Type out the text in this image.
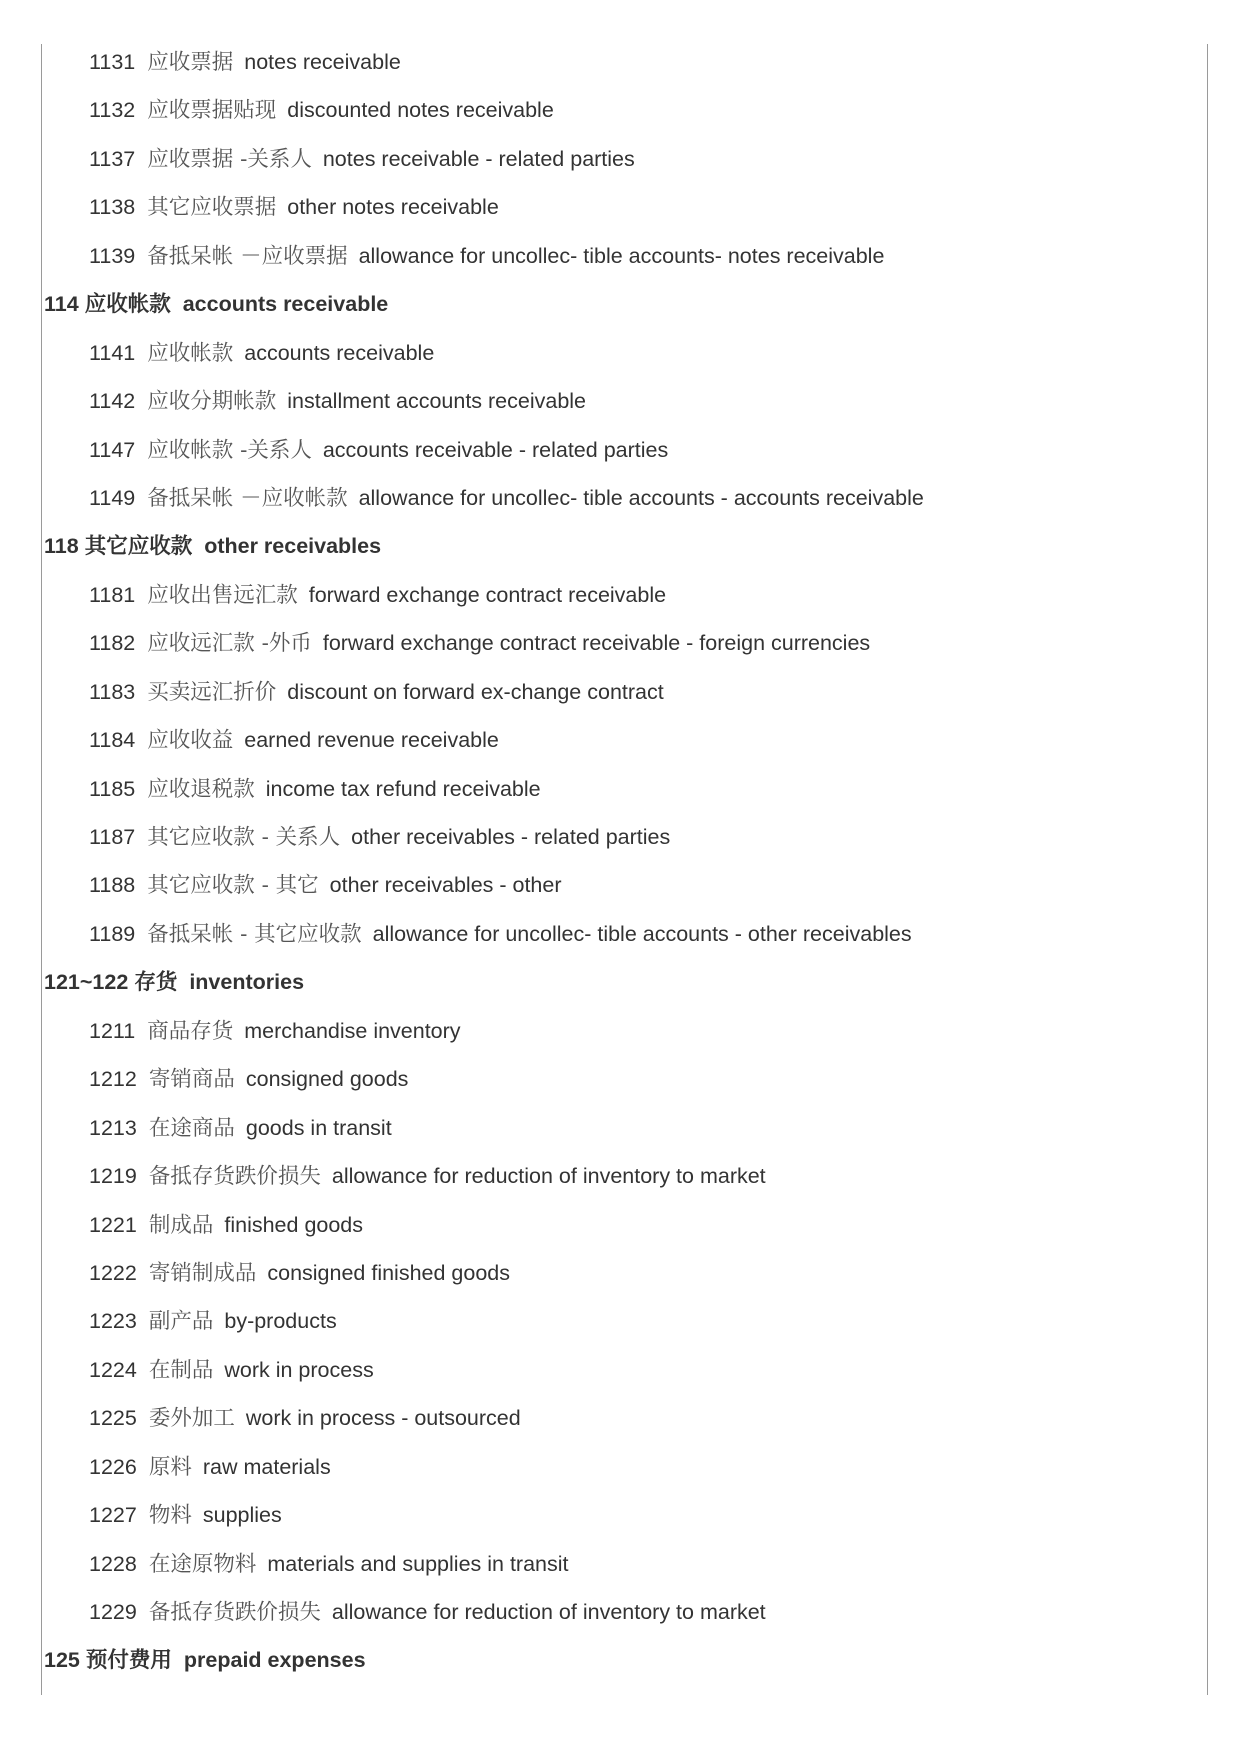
1131 应收票据 notes receivable
1132 应收票据贴现 discounted notes receivable
1137 应收票据 -关系人 notes receivable - related parties
1138 其它应收票据 other notes receivable
1139 备抵呆帐 －应收票据 allowance for uncollec- tible accounts- notes receivable
114 应收帐款 accounts receivable
1141 应收帐款 accounts receivable
1142 应收分期帐款 installment accounts receivable
1147 应收帐款 -关系人 accounts receivable - related parties
1149 备抵呆帐 －应收帐款 allowance for uncollec- tible accounts - accounts receivable
118 其它应收款 other receivables
1181 应收出售远汇款 forward exchange contract receivable
1182 应收远汇款 -外币 forward exchange contract receivable - foreign currencies
1183 买卖远汇折价 discount on forward ex-change contract
1184 应收收益 earned revenue receivable
1185 应收退税款 income tax refund receivable
1187 其它应收款 - 关系人 other receivables - related parties
1188 其它应收款 - 其它 other receivables - other
1189 备抵呆帐 - 其它应收款 allowance for uncollec- tible accounts - other receivables
121~122 存货 inventories
1211 商品存货 merchandise inventory
1212 寄销商品 consigned goods
1213 在途商品 goods in transit
1219 备抵存货跌价损失 allowance for reduction of inventory to market
1221 制成品 finished goods
1222 寄销制成品 consigned finished goods
1223 副产品 by-products
1224 在制品 work in process
1225 委外加工 work in process - outsourced
1226 原料 raw materials
1227 物料 supplies
1228 在途原物料 materials and supplies in transit
1229 备抵存货跌价损失 allowance for reduction of inventory to market
125 预付费用 prepaid expenses
